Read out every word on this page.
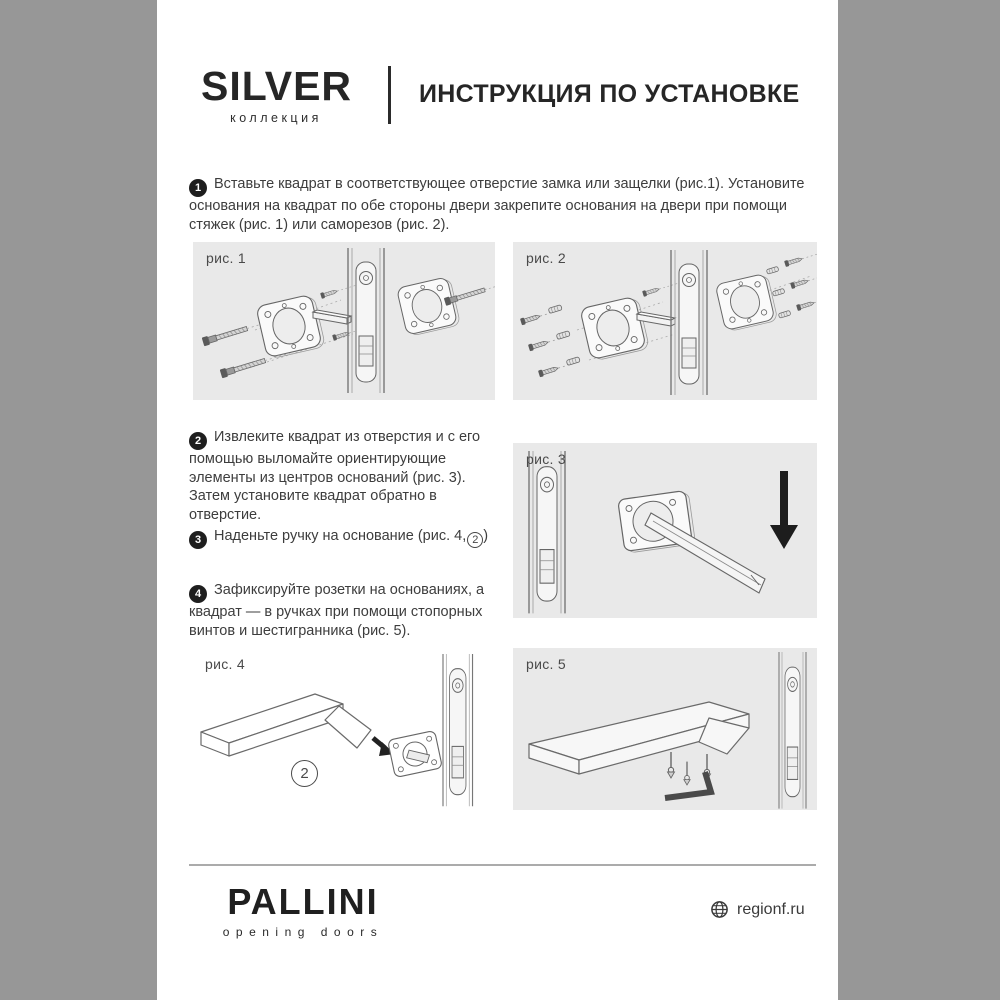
SILVER
коллекция
ИНСТРУКЦИЯ ПО УСТАНОВКЕ
1 Вставьте квадрат в соответствующее отверстие замка или защелки (рис.1). Установите основания на квадрат по обе стороны двери закрепите основания на двери при помощи стяжек (рис. 1) или саморезов (рис. 2).
рис. 1	рис. 2
2 Извлеките квадрат из отверстия и с его помощью выломайте ориентирующие элементы из центров оснований (рис. 3). Затем установите квадрат обратно в отверстие.
рис. 3
3 Наденьте ручку на основание (рис. 4, 2 )
4 Зафиксируйте розетки на основаниях, а квадрат — в ручках при помощи стопорных винтов и шестигранника (рис. 5).
2
рис. 4	рис. 5
PALLINI
opening doors
regionf.ru
